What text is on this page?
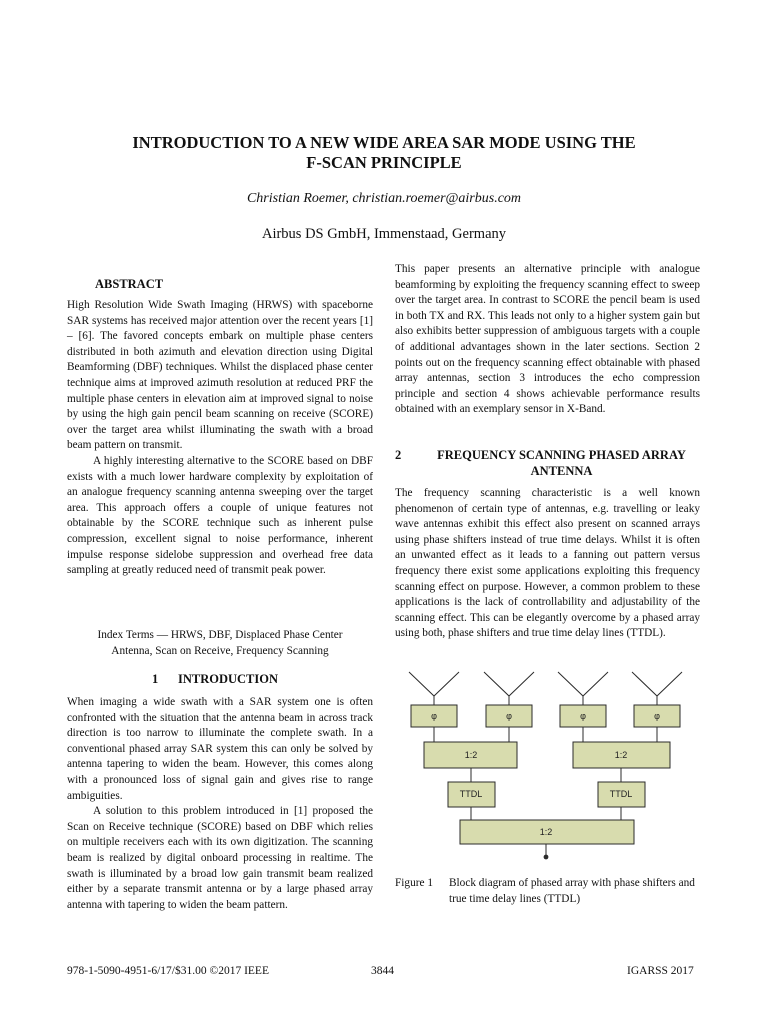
INTRODUCTION TO A NEW WIDE AREA SAR MODE USING THE
F-SCAN PRINCIPLE
Christian Roemer, christian.roemer@airbus.com
Airbus DS GmbH, Immenstaad, Germany
ABSTRACT

High Resolution Wide Swath Imaging (HRWS) with spaceborne SAR systems has received major attention over the recent years [1] – [6]. The favored concepts embark on multiple phase centers distributed in both azimuth and elevation direction using Digital Beamforming (DBF) techniques. Whilst the displaced phase center technique aims at improved azimuth resolution at reduced PRF the multiple phase centers in elevation aim at improved signal to noise by using the high gain pencil beam scanning on receive (SCORE) over the target area whilst illuminating the swath with a broad beam pattern on transmit.

A highly interesting alternative to the SCORE based on DBF exists with a much lower hardware complexity by exploitation of an analogue frequency scanning antenna sweeping over the target area. This approach offers a couple of unique features not obtainable by the SCORE technique such as inherent pulse compression, excellent signal to noise performance, inherent impulse response sidelobe suppression and overhead free data sampling at greatly reduced need of transmit peak power.

Index Terms — HRWS, DBF, Displaced Phase Center
Antenna, Scan on Receive, Frequency Scanning
1 INTRODUCTION

When imaging a wide swath with a SAR system one is often confronted with the situation that the antenna beam in across track direction is too narrow to illuminate the complete swath. In a conventional phased array SAR system this can only be solved by antenna tapering to widen the beam. However, this comes along with a pronounced loss of signal gain and gives rise to range ambiguities.

A solution to this problem introduced in [1] proposed the Scan on Receive technique (SCORE) based on DBF which relies on multiple receivers each with its own digitization. The scanning beam is realized by digital onboard processing in realtime. The swath is illuminated by a broad low gain transmit beam realized either by a separate transmit antenna or by a large phased array antenna with tapering to widen the beam pattern.

This paper presents an alternative principle with analogue beamforming by exploiting the frequency scanning effect to sweep over the target area. In contrast to SCORE the pencil beam is used in both TX and RX. This leads not only to a higher system gain but also exhibits better suppression of ambiguous targets with a couple of additional advantages shown in the later sections. Section 2 points out on the frequency scanning effect obtainable with phased array antennas, section 3 introduces the echo compression principle and section 4 shows achievable performance results obtained with an exemplary sensor in X-Band.

2	FREQUENCY SCANNING PHASED ARRAY ANTENNA

The frequency scanning characteristic is a well known phenomenon of certain type of antennas, e.g. travelling or leaky wave antennas exhibit this effect also present on scanned arrays using phase shifters instead of true time delays. Whilst it is often an unwanted effect as it leads to a fanning out pattern versus frequency there exist some applications exploiting this frequency scanning effect on purpose. However, a common problem to these applications is the lack of controllability and adjustability of the scanning effect. This can be elegantly overcome by a phased array using both, phase shifters and true time delay lines (TTDL).

φ	φ	φ	φ
1:2	1:2
TTDL	TTDL
1:2
Figure 1 Block diagram of phased array with phase shifters and true time delay lines (TTDL)
978-1-5090-4951-6/17/$31.00 ©2017 IEEE	3844	IGARSS 2017
